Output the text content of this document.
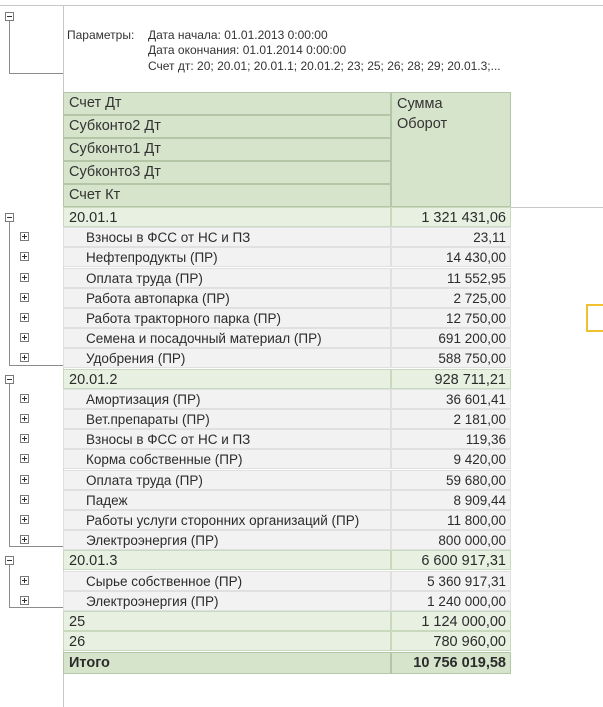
Параметры: Дата начала: 01.01.2013 0:00:00
Дата окончания: 01.01.2014 0:00:00
Счет дт: 20; 20.01; 20.01.1; 20.01.2; 23; 25; 26; 28; 29; 20.01.3;...
Счет Дт
Субконто2 Дт
Субконто1 Дт
Субконто3 Дт
Счет Кт
Сумма
Оборот
20.01.1	1 321 431,06
Взносы в ФСС от НС и ПЗ	23,11
Нефтепродукты (ПР)	14 430,00
Оплата труда (ПР)	11 552,95
Работа автопарка (ПР)	2 725,00
Работа тракторного парка (ПР)	12 750,00
Семена и посадочный материал (ПР)	691 200,00
Удобрения (ПР)	588 750,00
20.01.2	928 711,21
Амортизация (ПР)	36 601,41
Вет.препараты (ПР)	2 181,00
Взносы в ФСС от НС и ПЗ	119,36
Корма собственные (ПР)	9 420,00
Оплата труда (ПР)	59 680,00
Падеж	8 909,44
Работы услуги сторонних организаций (ПР)	11 800,00
Электроэнергия (ПР)	800 000,00
20.01.3	6 600 917,31
Сырье собственное (ПР)	5 360 917,31
Электроэнергия (ПР)	1 240 000,00
25	1 124 000,00
26	780 960,00
Итого	10 756 019,58
